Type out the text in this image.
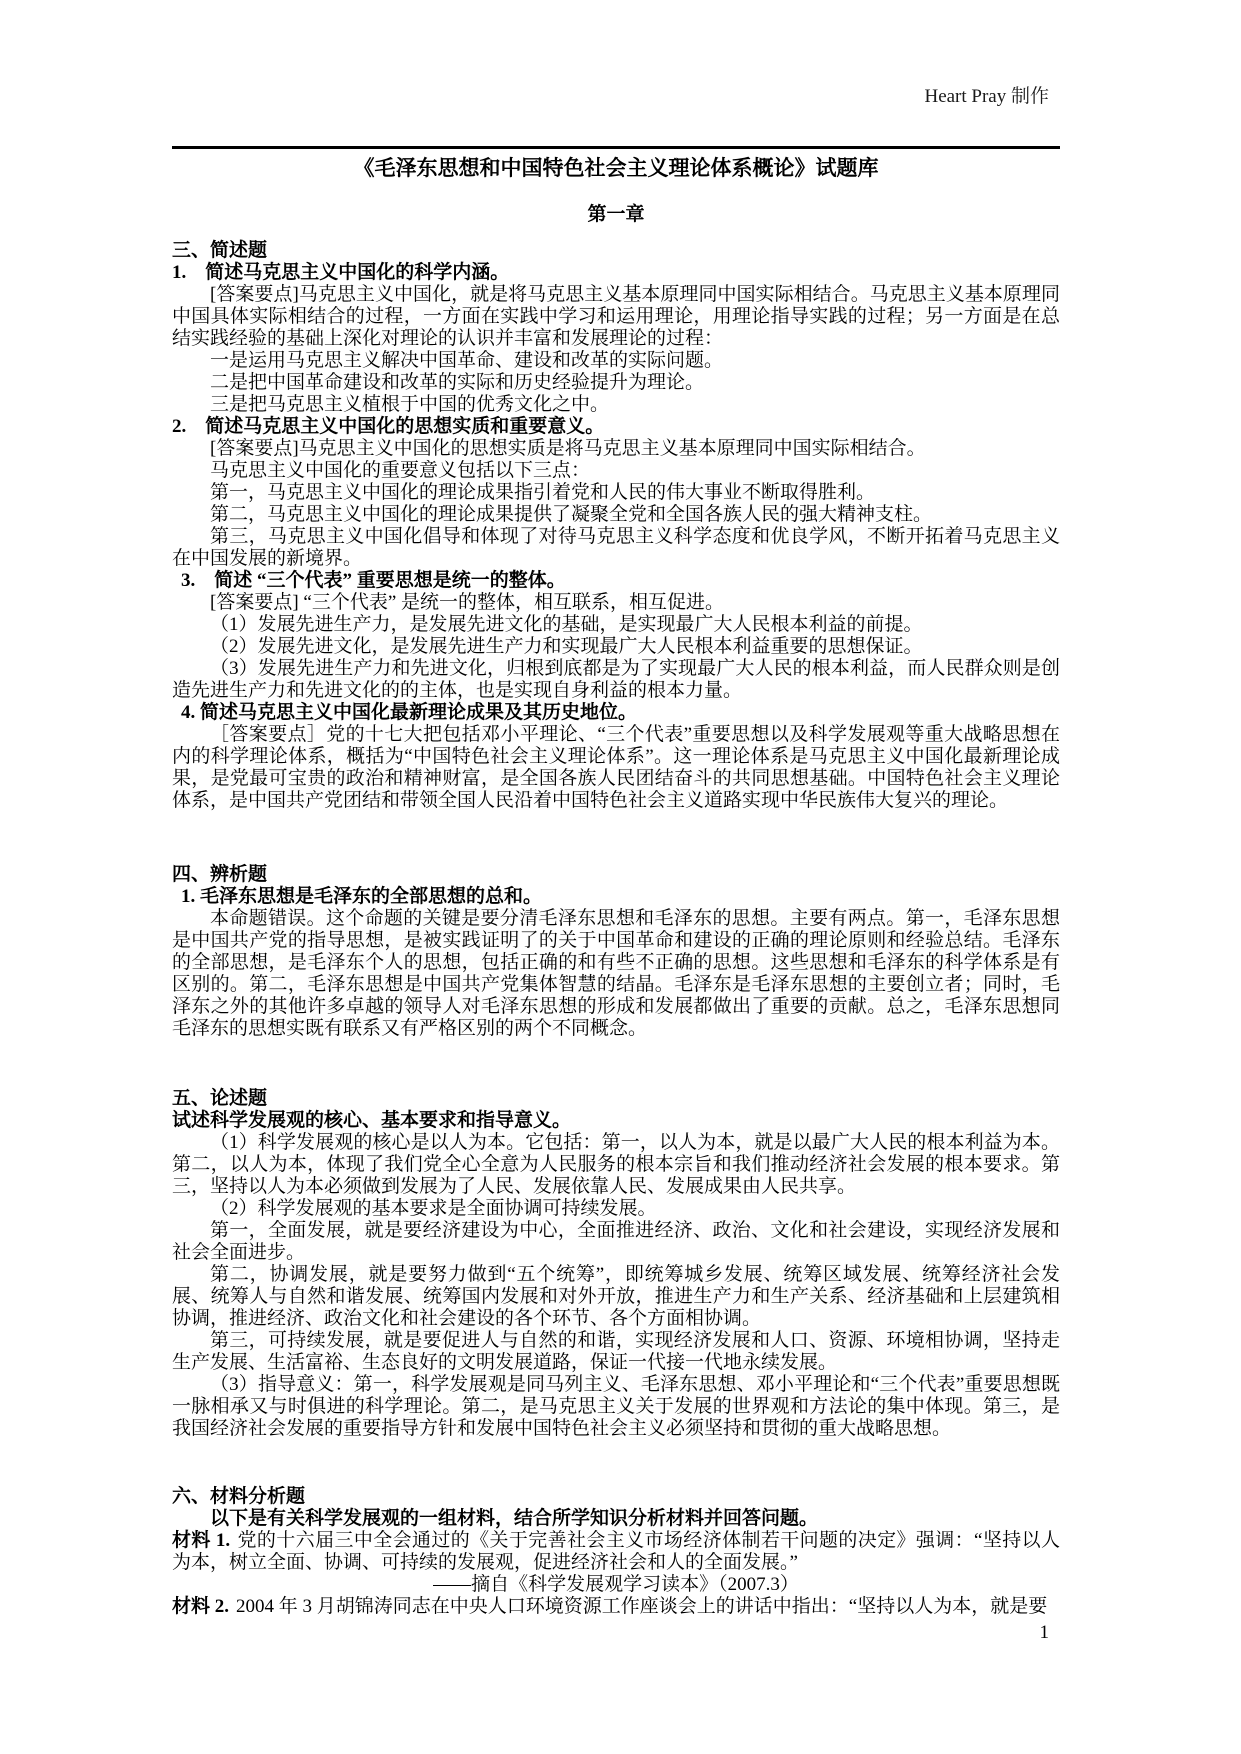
Heart Pray 制作

《毛泽东思想和中国特色社会主义理论体系概论》试题库

第一章

三、简述题

1.　简述马克思主义中国化的科学内涵。

[答案要点]马克思主义中国化，就是将马克思主义基本原理同中国实际相结合。马克思主义基本原理同中国具体实际相结合的过程，一方面在实践中学习和运用理论，用理论指导实践的过程；另一方面是在总结实践经验的基础上深化对理论的认识并丰富和发展理论的过程：

一是运用马克思主义解决中国革命、建设和改革的实际问题。

二是把中国革命建设和改革的实际和历史经验提升为理论。

三是把马克思主义植根于中国的优秀文化之中。

2.　简述马克思主义中国化的思想实质和重要意义。

[答案要点]马克思主义中国化的思想实质是将马克思主义基本原理同中国实际相结合。

马克思主义中国化的重要意义包括以下三点：

第一，马克思主义中国化的理论成果指引着党和人民的伟大事业不断取得胜利。

第二，马克思主义中国化的理论成果提供了凝聚全党和全国各族人民的强大精神支柱。

第三，马克思主义中国化倡导和体现了对待马克思主义科学态度和优良学风，不断开拓着马克思主义在中国发展的新境界。

3.　简述 “三个代表” 重要思想是统一的整体。

[答案要点] “三个代表” 是统一的整体，相互联系，相互促进。

（1）发展先进生产力，是发展先进文化的基础，是实现最广大人民根本利益的前提。

（2）发展先进文化，是发展先进生产力和实现最广大人民根本利益重要的思想保证。

（3）发展先进生产力和先进文化，归根到底都是为了实现最广大人民的根本利益，而人民群众则是创造先进生产力和先进文化的的主体，也是实现自身利益的根本力量。

4. 简述马克思主义中国化最新理论成果及其历史地位。

［答案要点］党的十七大把包括邓小平理论、“三个代表”重要思想以及科学发展观等重大战略思想在内的科学理论体系，概括为“中国特色社会主义理论体系”。这一理论体系是马克思主义中国化最新理论成果，是党最可宝贵的政治和精神财富，是全国各族人民团结奋斗的共同思想基础。中国特色社会主义理论体系，是中国共产党团结和带领全国人民沿着中国特色社会主义道路实现中华民族伟大复兴的理论。

四、辨析题

1. 毛泽东思想是毛泽东的全部思想的总和。

本命题错误。这个命题的关键是要分清毛泽东思想和毛泽东的思想。主要有两点。第一，毛泽东思想是中国共产党的指导思想，是被实践证明了的关于中国革命和建设的正确的理论原则和经验总结。毛泽东的全部思想，是毛泽东个人的思想，包括正确的和有些不正确的思想。这些思想和毛泽东的科学体系是有区别的。第二，毛泽东思想是中国共产党集体智慧的结晶。毛泽东是毛泽东思想的主要创立者；同时，毛泽东之外的其他许多卓越的领导人对毛泽东思想的形成和发展都做出了重要的贡献。总之，毛泽东思想同毛泽东的思想实既有联系又有严格区别的两个不同概念。

五、论述题

试述科学发展观的核心、基本要求和指导意义。

（1）科学发展观的核心是以人为本。它包括：第一，以人为本，就是以最广大人民的根本利益为本。第二，以人为本，体现了我们党全心全意为人民服务的根本宗旨和我们推动经济社会发展的根本要求。第三，坚持以人为本必须做到发展为了人民、发展依靠人民、发展成果由人民共享。

（2）科学发展观的基本要求是全面协调可持续发展。

第一，全面发展，就是要经济建设为中心，全面推进经济、政治、文化和社会建设，实现经济发展和社会全面进步。

第二，协调发展，就是要努力做到“五个统筹”，即统筹城乡发展、统筹区域发展、统筹经济社会发展、统筹人与自然和谐发展、统筹国内发展和对外开放，推进生产力和生产关系、经济基础和上层建筑相协调，推进经济、政治文化和社会建设的各个环节、各个方面相协调。

第三，可持续发展，就是要促进人与自然的和谐，实现经济发展和人口、资源、环境相协调，坚持走生产发展、生活富裕、生态良好的文明发展道路，保证一代接一代地永续发展。

（3）指导意义：第一，科学发展观是同马列主义、毛泽东思想、邓小平理论和“三个代表”重要思想既一脉相承又与时俱进的科学理论。第二，是马克思主义关于发展的世界观和方法论的集中体现。第三，是我国经济社会发展的重要指导方针和发展中国特色社会主义必须坚持和贯彻的重大战略思想。

六、材料分析题

以下是有关科学发展观的一组材料，结合所学知识分析材料并回答问题。

材料 1. 党的十六届三中全会通过的《关于完善社会主义市场经济体制若干问题的决定》强调：“坚持以人为本，树立全面、协调、可持续的发展观，促进经济社会和人的全面发展。”

——摘自《科学发展观学习读本》（2007.3）

材料 2. 2004 年 3 月胡锦涛同志在中央人口环境资源工作座谈会上的讲话中指出：“坚持以人为本，就是要

1
